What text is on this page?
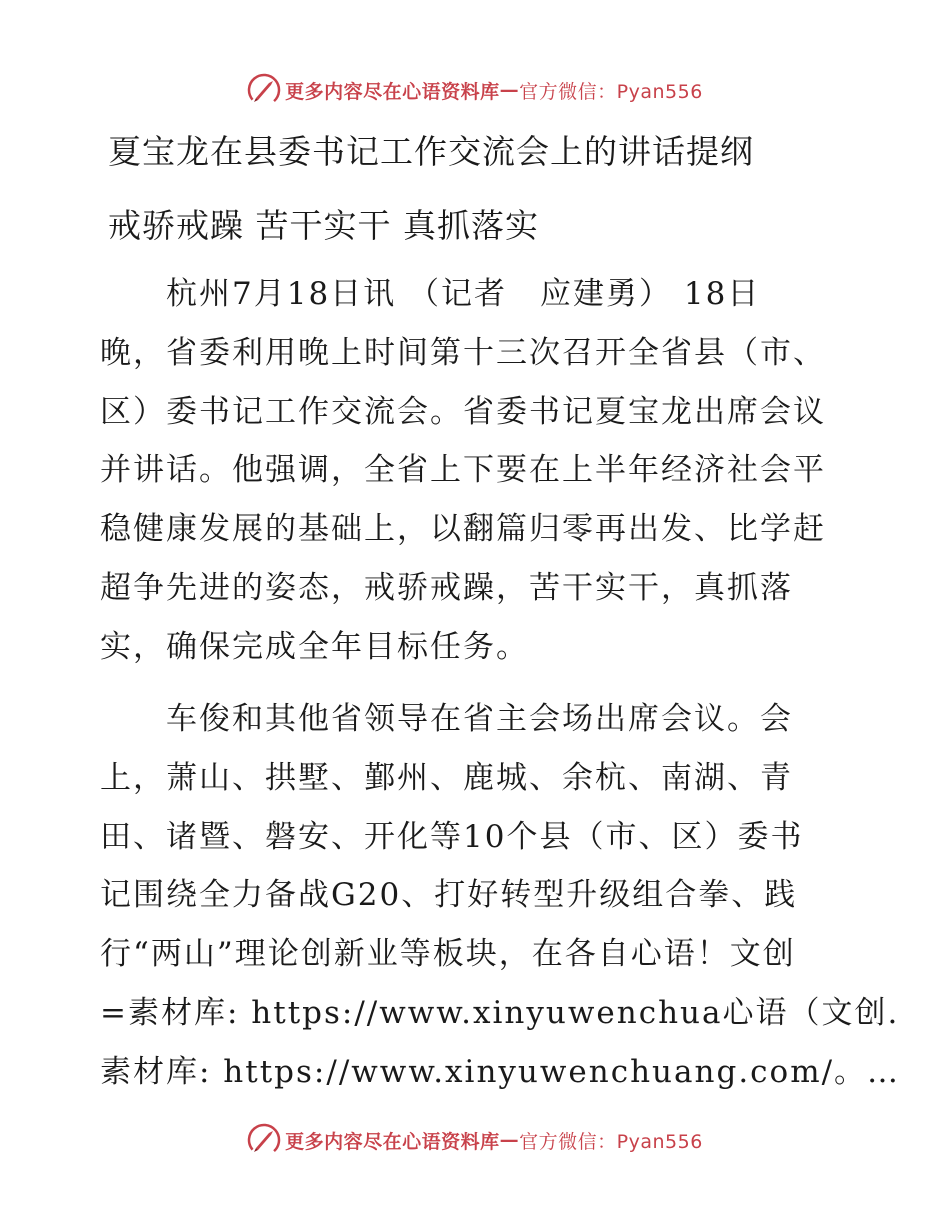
更多内容尽在心语资料库 — 官方微信：Pyan556
夏宝龙在县委书记工作交流会上的讲话提纲
戒骄戒躁 苦干实干 真抓落实
　　杭州7月18日讯 （记者　应建勇） 18日
晚，省委利用晚上时间第十三次召开全省县（市、
区）委书记工作交流会。省委书记夏宝龙出席会议
并讲话。他强调，全省上下要在上半年经济社会平
稳健康发展的基础上，以翻篇归零再出发、比学赶
超争先进的姿态，戒骄戒躁，苦干实干，真抓落
实，确保完成全年目标任务。
　　车俊和其他省领导在省主会场出席会议。会
上，萧山、拱墅、鄞州、鹿城、余杭、南湖、青
田、诸暨、磐安、开化等10个县（市、区）委书
记围绕全力备战G20、打好转型升级组合拳、践
行“两山”理论创新业等板块，在各自心语！文创
=素材库: https://www.xinyuwenchua心语（文创.
素材库: https://www.xinyuwenchuang.com/。…
更多内容尽在心语资料库 — 官方微信：Pyan556
